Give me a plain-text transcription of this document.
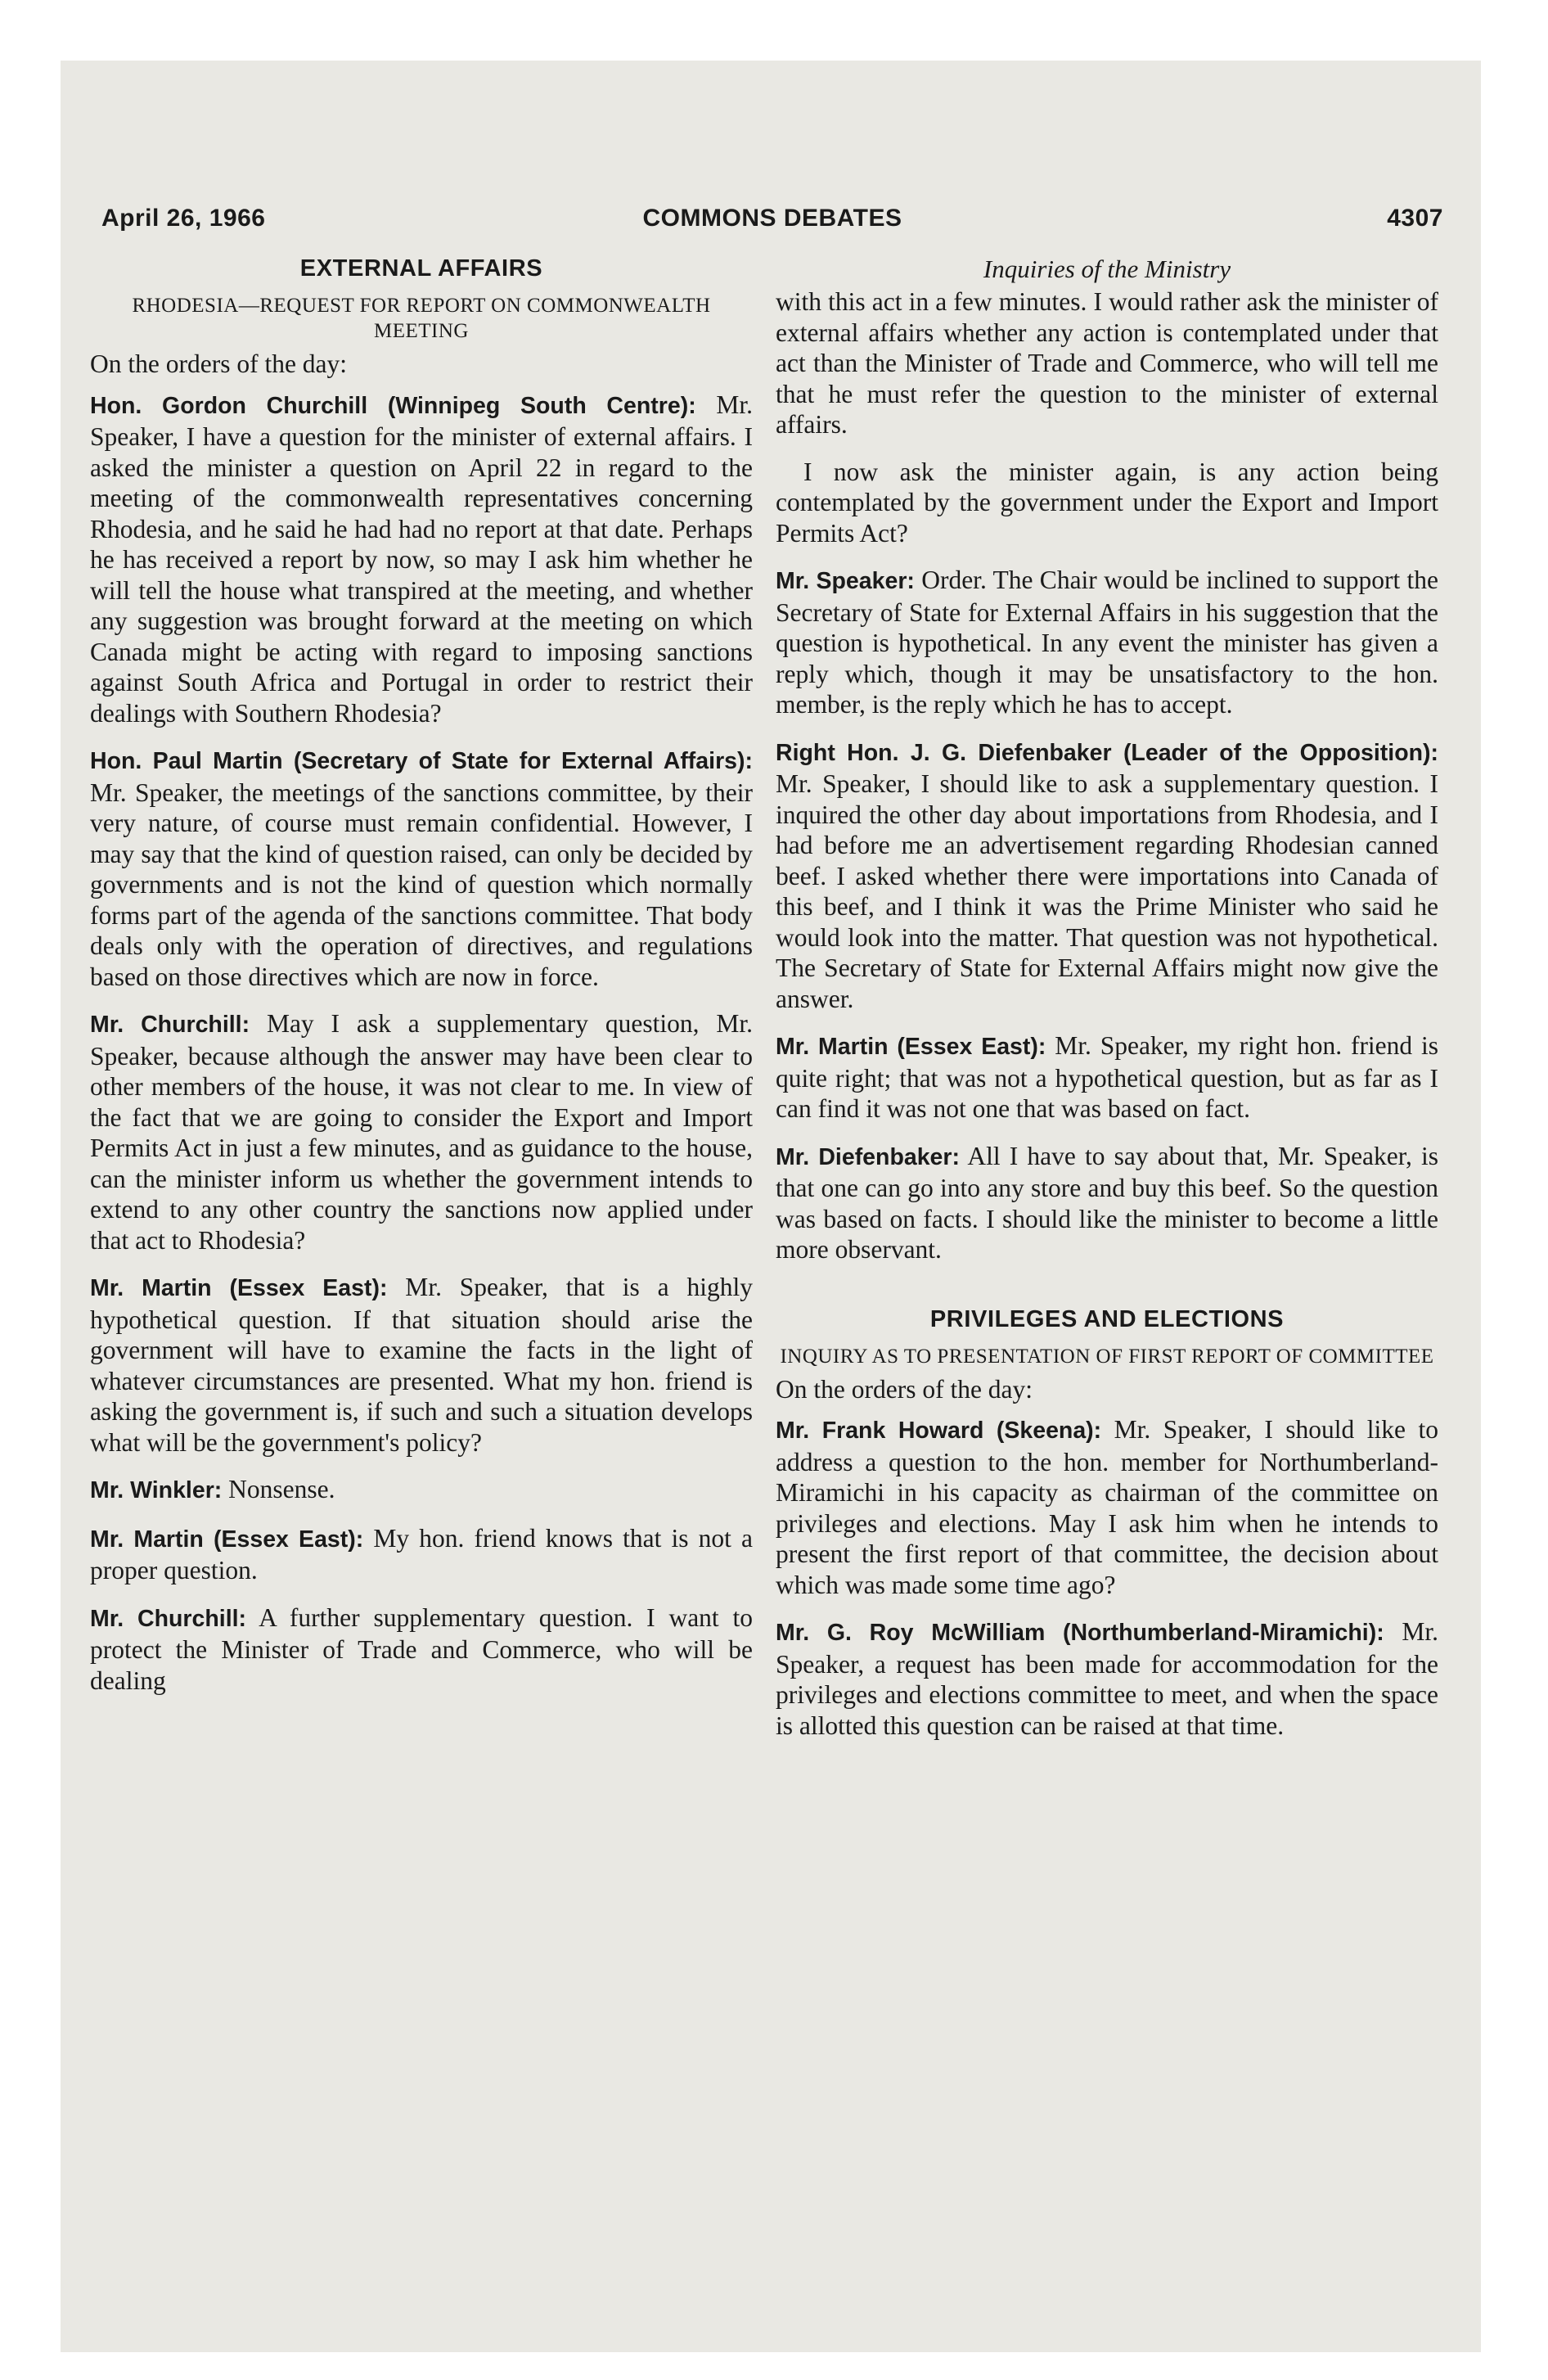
April 26, 1966	COMMONS DEBATES	4307
EXTERNAL AFFAIRS
RHODESIA—REQUEST FOR REPORT ON COMMONWEALTH MEETING
On the orders of the day:

Hon. Gordon Churchill (Winnipeg South Centre): Mr. Speaker, I have a question for the minister of external affairs. I asked the minister a question on April 22 in regard to the meeting of the commonwealth representatives concerning Rhodesia, and he said he had had no report at that date. Perhaps he has received a report by now, so may I ask him whether he will tell the house what transpired at the meeting, and whether any suggestion was brought forward at the meeting on which Canada might be acting with regard to imposing sanctions against South Africa and Portugal in order to restrict their dealings with Southern Rhodesia?

Hon. Paul Martin (Secretary of State for External Affairs): Mr. Speaker, the meetings of the sanctions committee, by their very nature, of course must remain confidential. However, I may say that the kind of question raised, can only be decided by governments and is not the kind of question which normally forms part of the agenda of the sanctions committee. That body deals only with the operation of directives, and regulations based on those directives which are now in force.

Mr. Churchill: May I ask a supplementary question, Mr. Speaker, because although the answer may have been clear to other members of the house, it was not clear to me. In view of the fact that we are going to consider the Export and Import Permits Act in just a few minutes, and as guidance to the house, can the minister inform us whether the government intends to extend to any other country the sanctions now applied under that act to Rhodesia?

Mr. Martin (Essex East): Mr. Speaker, that is a highly hypothetical question. If that situation should arise the government will have to examine the facts in the light of whatever circumstances are presented. What my hon. friend is asking the government is, if such and such a situation develops what will be the government's policy?

Mr. Winkler: Nonsense.

Mr. Martin (Essex East): My hon. friend knows that is not a proper question.

Mr. Churchill: A further supplementary question. I want to protect the Minister of Trade and Commerce, who will be dealing

Inquiries of the Ministry

with this act in a few minutes. I would rather ask the minister of external affairs whether any action is contemplated under that act than the Minister of Trade and Commerce, who will tell me that he must refer the question to the minister of external affairs.

I now ask the minister again, is any action being contemplated by the government under the Export and Import Permits Act?

Mr. Speaker: Order. The Chair would be inclined to support the Secretary of State for External Affairs in his suggestion that the question is hypothetical. In any event the minister has given a reply which, though it may be unsatisfactory to the hon. member, is the reply which he has to accept.

Right Hon. J. G. Diefenbaker (Leader of the Opposition): Mr. Speaker, I should like to ask a supplementary question. I inquired the other day about importations from Rhodesia, and I had before me an advertisement regarding Rhodesian canned beef. I asked whether there were importations into Canada of this beef, and I think it was the Prime Minister who said he would look into the matter. That question was not hypothetical. The Secretary of State for External Affairs might now give the answer.

Mr. Martin (Essex East): Mr. Speaker, my right hon. friend is quite right; that was not a hypothetical question, but as far as I can find it was not one that was based on fact.

Mr. Diefenbaker: All I have to say about that, Mr. Speaker, is that one can go into any store and buy this beef. So the question was based on facts. I should like the minister to become a little more observant.

PRIVILEGES AND ELECTIONS
INQUIRY AS TO PRESENTATION OF FIRST REPORT OF COMMITTEE
On the orders of the day:

Mr. Frank Howard (Skeena): Mr. Speaker, I should like to address a question to the hon. member for Northumberland-Miramichi in his capacity as chairman of the committee on privileges and elections. May I ask him when he intends to present the first report of that committee, the decision about which was made some time ago?

Mr. G. Roy McWilliam (Northumberland-Miramichi): Mr. Speaker, a request has been made for accommodation for the privileges and elections committee to meet, and when the space is allotted this question can be raised at that time.
